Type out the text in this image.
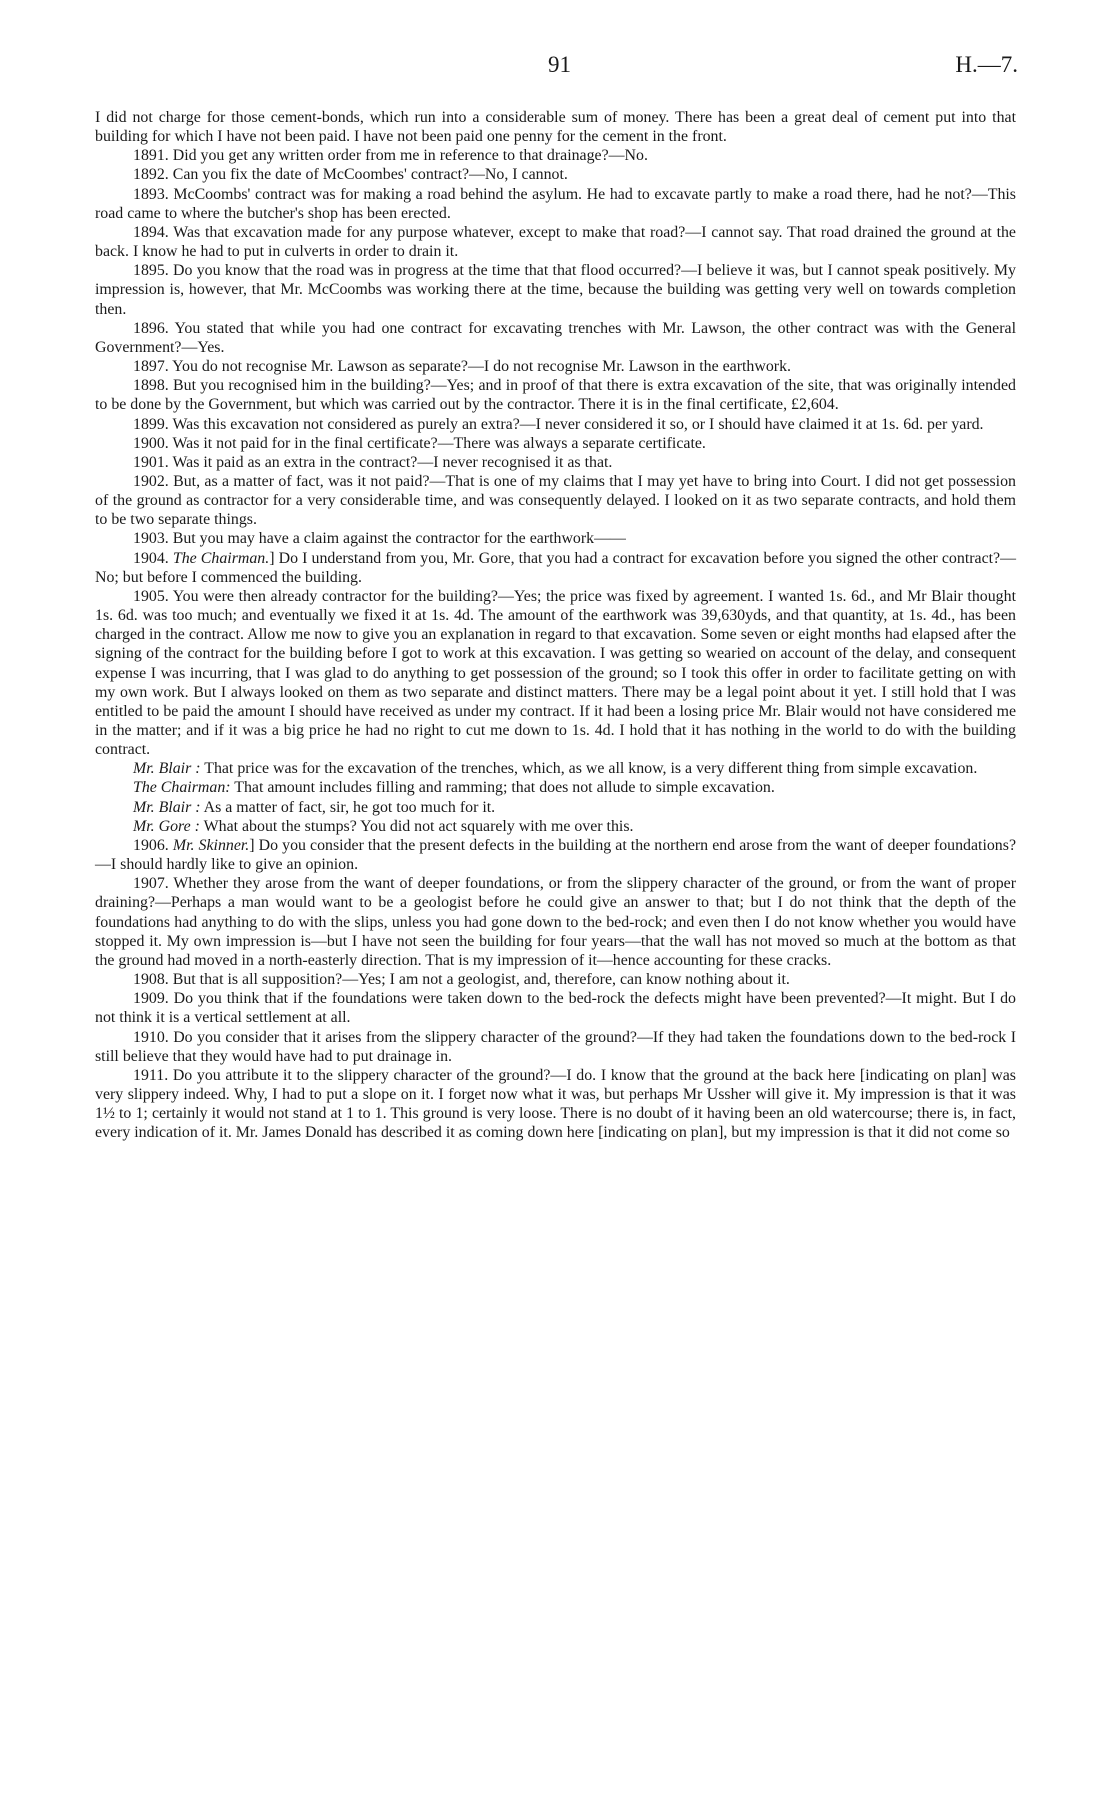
91	H.—7.

I did not charge for those cement-bonds, which run into a considerable sum of money. There has been a great deal of cement put into that building for which I have not been paid. I have not been paid one penny for the cement in the front.

1891. Did you get any written order from me in reference to that drainage?—No.

1892. Can you fix the date of McCoombes' contract?—No, I cannot.

1893. McCoombs' contract was for making a road behind the asylum. He had to excavate partly to make a road there, had he not?—This road came to where the butcher's shop has been erected.

1894. Was that excavation made for any purpose whatever, except to make that road?—I cannot say. That road drained the ground at the back. I know he had to put in culverts in order to drain it.

1895. Do you know that the road was in progress at the time that that flood occurred?—I believe it was, but I cannot speak positively. My impression is, however, that Mr. McCoombs was working there at the time, because the building was getting very well on towards completion then.

1896. You stated that while you had one contract for excavating trenches with Mr. Lawson, the other contract was with the General Government?—Yes.

1897. You do not recognise Mr. Lawson as separate?—I do not recognise Mr. Lawson in the earthwork.

1898. But you recognised him in the building?—Yes; and in proof of that there is extra excavation of the site, that was originally intended to be done by the Government, but which was carried out by the contractor. There it is in the final certificate, £2,604.

1899. Was this excavation not considered as purely an extra?—I never considered it so, or I should have claimed it at 1s. 6d. per yard.

1900. Was it not paid for in the final certificate?—There was always a separate certificate.

1901. Was it paid as an extra in the contract?—I never recognised it as that.

1902. But, as a matter of fact, was it not paid?—That is one of my claims that I may yet have to bring into Court. I did not get possession of the ground as contractor for a very considerable time, and was consequently delayed. I looked on it as two separate contracts, and hold them to be two separate things.

1903. But you may have a claim against the contractor for the earthwork——

1904. The Chairman.] Do I understand from you, Mr. Gore, that you had a contract for excavation before you signed the other contract?—No; but before I commenced the building.

1905. You were then already contractor for the building?—Yes; the price was fixed by agreement. I wanted 1s. 6d., and Mr Blair thought 1s. 6d. was too much; and eventually we fixed it at 1s. 4d. The amount of the earthwork was 39,630yds, and that quantity, at 1s. 4d., has been charged in the contract. Allow me now to give you an explanation in regard to that excavation. Some seven or eight months had elapsed after the signing of the contract for the building before I got to work at this excavation. I was getting so wearied on account of the delay, and consequent expense I was incurring, that I was glad to do anything to get possession of the ground; so I took this offer in order to facilitate getting on with my own work. But I always looked on them as two separate and distinct matters. There may be a legal point about it yet. I still hold that I was entitled to be paid the amount I should have received as under my contract. If it had been a losing price Mr. Blair would not have considered me in the matter; and if it was a big price he had no right to cut me down to 1s. 4d. I hold that it has nothing in the world to do with the building contract.

Mr. Blair : That price was for the excavation of the trenches, which, as we all know, is a very different thing from simple excavation.

The Chairman: That amount includes filling and ramming; that does not allude to simple excavation.

Mr. Blair : As a matter of fact, sir, he got too much for it.

Mr. Gore : What about the stumps? You did not act squarely with me over this.

1906. Mr. Skinner.] Do you consider that the present defects in the building at the northern end arose from the want of deeper foundations?—I should hardly like to give an opinion.

1907. Whether they arose from the want of deeper foundations, or from the slippery character of the ground, or from the want of proper draining?—Perhaps a man would want to be a geologist before he could give an answer to that; but I do not think that the depth of the foundations had anything to do with the slips, unless you had gone down to the bed-rock; and even then I do not know whether you would have stopped it. My own impression is—but I have not seen the building for four years—that the wall has not moved so much at the bottom as that the ground had moved in a north-easterly direction. That is my impression of it—hence accounting for these cracks.

1908. But that is all supposition?—Yes; I am not a geologist, and, therefore, can know nothing about it.

1909. Do you think that if the foundations were taken down to the bed-rock the defects might have been prevented?—It might. But I do not think it is a vertical settlement at all.

1910. Do you consider that it arises from the slippery character of the ground?—If they had taken the foundations down to the bed-rock I still believe that they would have had to put drainage in.

1911. Do you attribute it to the slippery character of the ground?—I do. I know that the ground at the back here [indicating on plan] was very slippery indeed. Why, I had to put a slope on it. I forget now what it was, but perhaps Mr Ussher will give it. My impression is that it was 1½ to 1; certainly it would not stand at 1 to 1. This ground is very loose. There is no doubt of it having been an old watercourse; there is, in fact, every indication of it. Mr. James Donald has described it as coming down here [indicating on plan], but my impression is that it did not come so
